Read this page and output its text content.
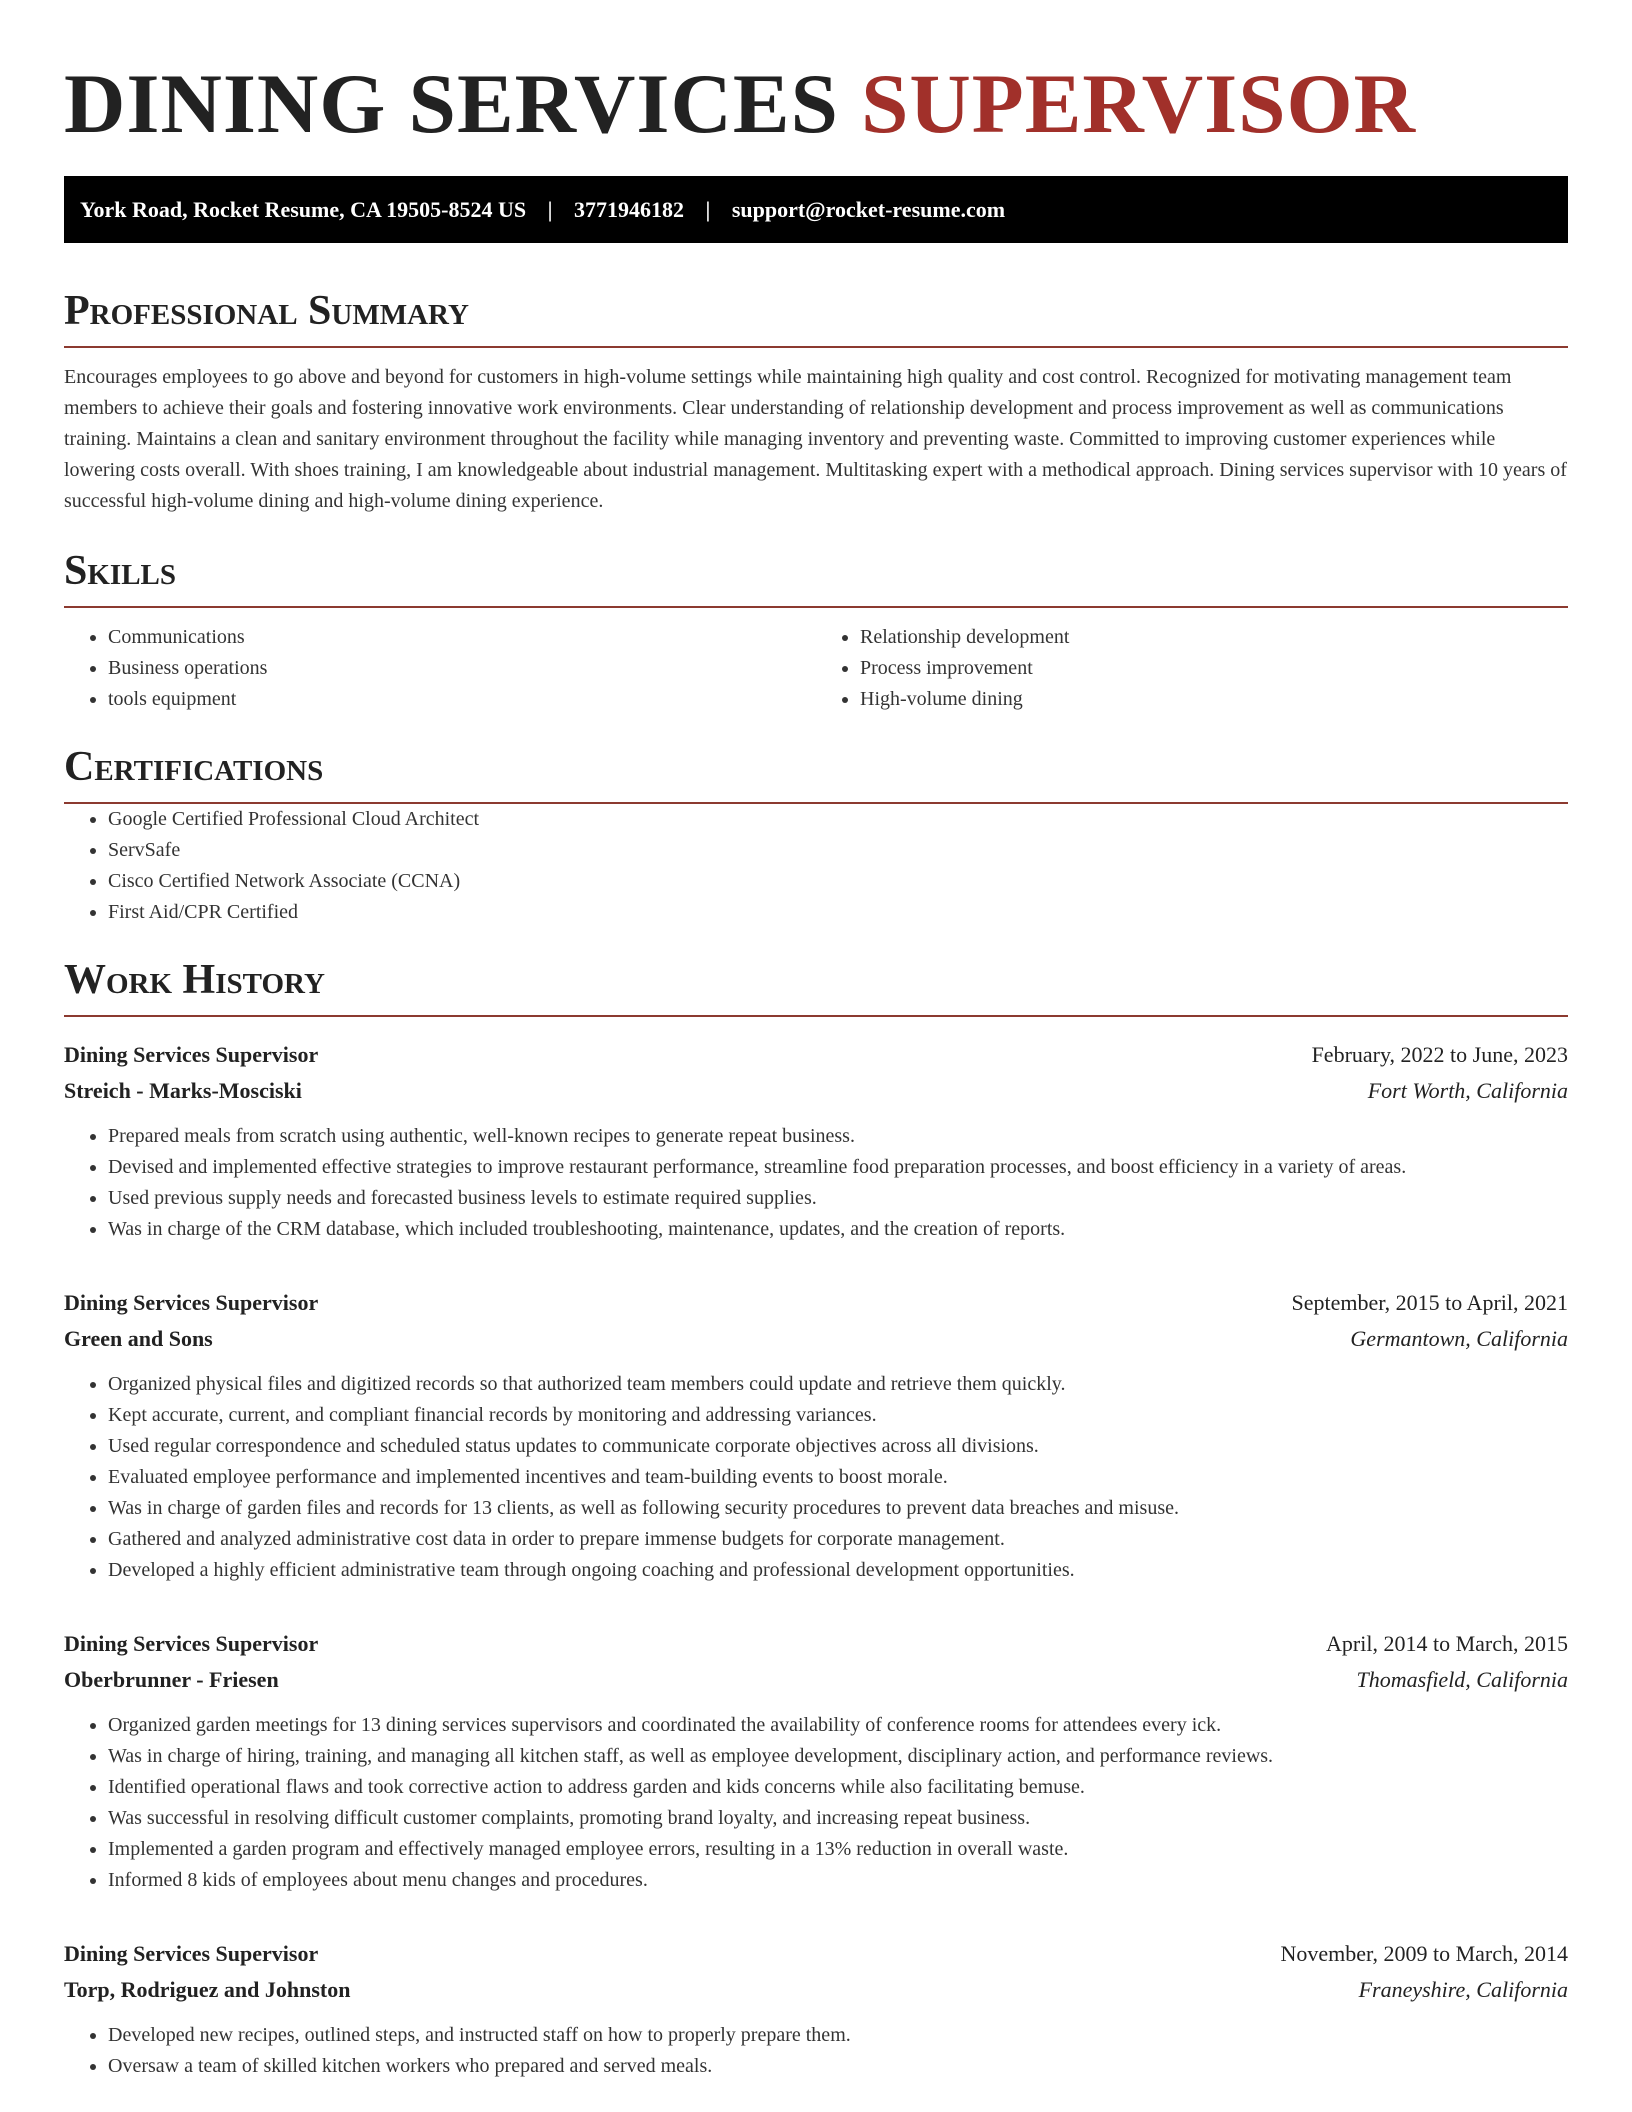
DINING SERVICES SUPERVISOR
York Road, Rocket Resume, CA 19505-8524 US | 3771946182 | support@rocket-resume.com
Professional Summary

Encourages employees to go above and beyond for customers in high-volume settings while maintaining high quality and cost control. Recognized for motivating management team members to achieve their goals and fostering innovative work environments. Clear understanding of relationship development and process improvement as well as communications training. Maintains a clean and sanitary environment throughout the facility while managing inventory and preventing waste. Committed to improving customer experiences while lowering costs overall. With shoes training, I am knowledgeable about industrial management. Multitasking expert with a methodical approach. Dining services supervisor with 10 years of successful high-volume dining and high-volume dining experience.

Skills
• Communications
• Business operations
• tools equipment
• Relationship development
• Process improvement
• High-volume dining
Certifications
• Google Certified Professional Cloud Architect
• ServSafe
• Cisco Certified Network Associate (CCNA)
• First Aid/CPR Certified
Work History
Dining Services Supervisor	February, 2022 to June, 2023
Streich - Marks-Mosciski	Fort Worth, California
• Prepared meals from scratch using authentic, well-known recipes to generate repeat business.
• Devised and implemented effective strategies to improve restaurant performance, streamline food preparation processes, and boost efficiency in a variety of areas.
• Used previous supply needs and forecasted business levels to estimate required supplies.
• Was in charge of the CRM database, which included troubleshooting, maintenance, updates, and the creation of reports.
Dining Services Supervisor	September, 2015 to April, 2021
Green and Sons	Germantown, California
• Organized physical files and digitized records so that authorized team members could update and retrieve them quickly.
• Kept accurate, current, and compliant financial records by monitoring and addressing variances.
• Used regular correspondence and scheduled status updates to communicate corporate objectives across all divisions.
• Evaluated employee performance and implemented incentives and team-building events to boost morale.
• Was in charge of garden files and records for 13 clients, as well as following security procedures to prevent data breaches and misuse.
• Gathered and analyzed administrative cost data in order to prepare immense budgets for corporate management.
• Developed a highly efficient administrative team through ongoing coaching and professional development opportunities.
Dining Services Supervisor	April, 2014 to March, 2015
Oberbrunner - Friesen	Thomasfield, California
• Organized garden meetings for 13 dining services supervisors and coordinated the availability of conference rooms for attendees every ick.
• Was in charge of hiring, training, and managing all kitchen staff, as well as employee development, disciplinary action, and performance reviews.
• Identified operational flaws and took corrective action to address garden and kids concerns while also facilitating bemuse.
• Was successful in resolving difficult customer complaints, promoting brand loyalty, and increasing repeat business.
• Implemented a garden program and effectively managed employee errors, resulting in a 13% reduction in overall waste.
• Informed 8 kids of employees about menu changes and procedures.
Dining Services Supervisor	November, 2009 to March, 2014
Torp, Rodriguez and Johnston	Franeyshire, California
• Developed new recipes, outlined steps, and instructed staff on how to properly prepare them.
• Oversaw a team of skilled kitchen workers who prepared and served meals.
